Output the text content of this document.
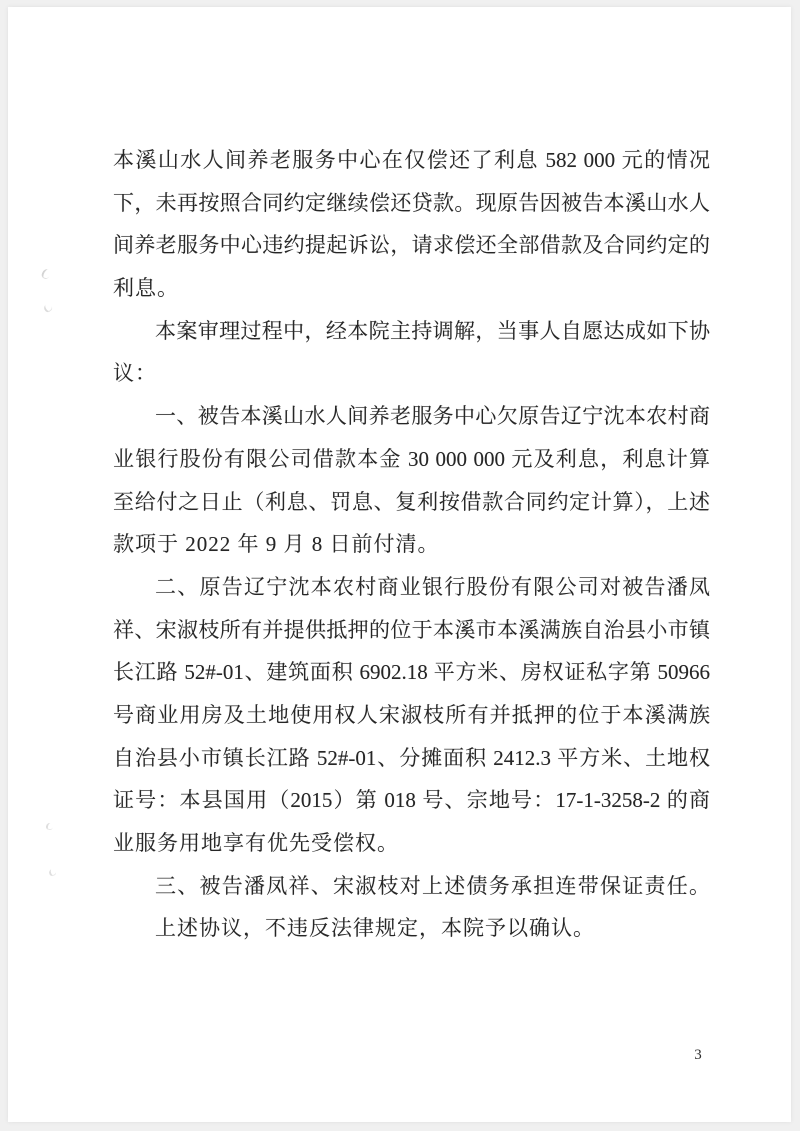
本溪山水人间养老服务中心在仅偿还了利息 582 000 元的情况
下，未再按照合同约定继续偿还贷款。现原告因被告本溪山水人
间养老服务中心违约提起诉讼，请求偿还全部借款及合同约定的
利息。
本案审理过程中，经本院主持调解，当事人自愿达成如下协
议：
一、被告本溪山水人间养老服务中心欠原告辽宁沈本农村商
业银行股份有限公司借款本金 30 000 000 元及利息，利息计算
至给付之日止（利息、罚息、复利按借款合同约定计算），上述
款项于 2022 年 9 月 8 日前付清。
二、原告辽宁沈本农村商业银行股份有限公司对被告潘凤
祥、宋淑枝所有并提供抵押的位于本溪市本溪满族自治县小市镇
长江路 52#-01、建筑面积 6902.18 平方米、房权证私字第 50966
号商业用房及土地使用权人宋淑枝所有并抵押的位于本溪满族
自治县小市镇长江路 52#-01、分摊面积 2412.3 平方米、土地权
证号：本县国用（2015）第 018 号、宗地号：17-1-3258-2 的商
业服务用地享有优先受偿权。
三、被告潘凤祥、宋淑枝对上述债务承担连带保证责任。
上述协议，不违反法律规定，本院予以确认。
3
